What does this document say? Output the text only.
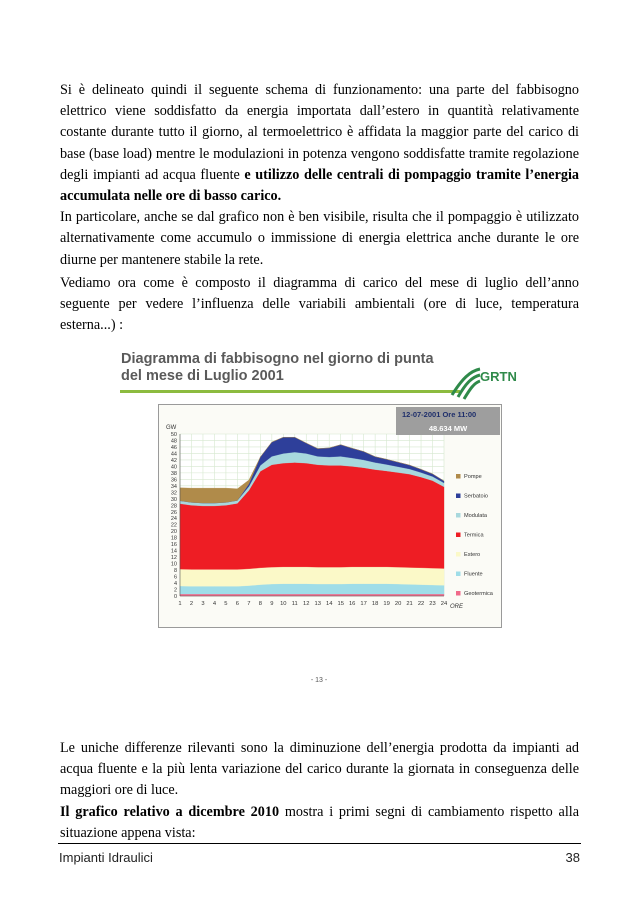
Si è delineato quindi il seguente schema di funzionamento: una parte del fabbisogno elettrico viene soddisfatto da energia importata dall’estero in quantità relativamente costante durante tutto il giorno, al termoelettrico è affidata la maggior parte del carico di base (base load) mentre le modulazioni in potenza vengono soddisfatte tramite regolazione degli impianti ad acqua fluente e utilizzo delle centrali di pompaggio tramite l’energia accumulata nelle ore di basso carico.
In particolare, anche se dal grafico non è ben visibile, risulta che il pompaggio è utilizzato alternativamente come accumulo o immissione di energia elettrica anche durante le ore diurne per mantenere stabile la rete.

Vediamo ora come è composto il diagramma di carico del mese di luglio dell’anno seguente per vedere l’influenza delle variabili ambientali (ore di luce, temperatura esterna...) :

Diagramma di fabbisogno nel giorno di punta
del mese di Luglio 2001	GRTN
0
2
4
6
8
10
12
14
16
18
20
22
24
26
28
30
32
34
36
38
40
42
44
46
48
50
1 2 3 4 5 6 7 8 9 10 11 12 13 14 15 16 17 18 19 20 21 22 23 24
GW
ORE
Pompe
Serbatoio
Modulata
Termica
Estero
Fluente
Geotermica
12-07-2001 Ore 11:00
48.634 MW
- 13 -

Le uniche differenze rilevanti sono la diminuzione dell’energia prodotta da impianti ad acqua fluente e la più lenta variazione del carico durante la giornata in conseguenza delle maggiori ore di luce.
Il grafico relativo a dicembre 2010 mostra i primi segni di cambiamento rispetto alla situazione appena vista:

Impianti Idraulici	38
